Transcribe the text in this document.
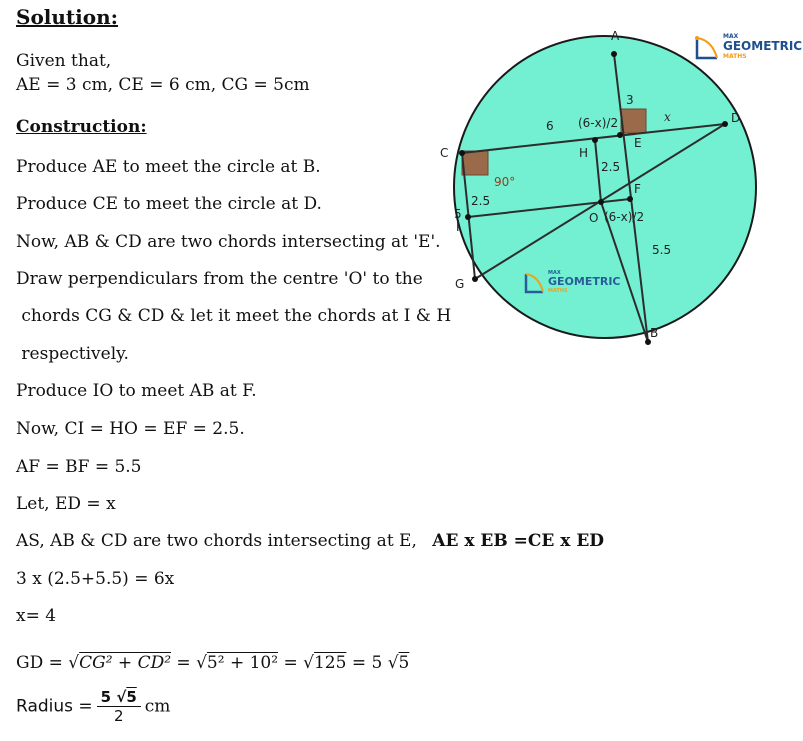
Solution:
Given that,
AE = 3 cm, CE = 6 cm, CG = 5cm
Construction:
Produce AE to meet the circle at B.
Produce CE to meet the circle at D.
Now, AB & CD are two chords intersecting at 'E'.
Draw perpendiculars from the centre 'O' to the
chords CG & CD & let it meet the chords at I & H
respectively.
Produce IO to meet AB at F.
Now, CI = HO = EF = 2.5.
AF = BF = 5.5
Let, ED = x
AS, AB & CD are two chords intersecting at E, AE x EB =CE x ED
3 x (2.5+5.5) = 6x
x= 4
GD = √CG² + CD² = √5² + 10² = √125 = 5 √5
Radius = $\frac{5 √5}{2}$ cm
A
B
C
D
E
F
G
H
I
O
3
6 (6-x)/2	x
90°
2.5
2.5
5	(6-x)/2
5.5
MAX
GEOMETRIC
MATHS
MAX
GEOMETRIC
MATHS
